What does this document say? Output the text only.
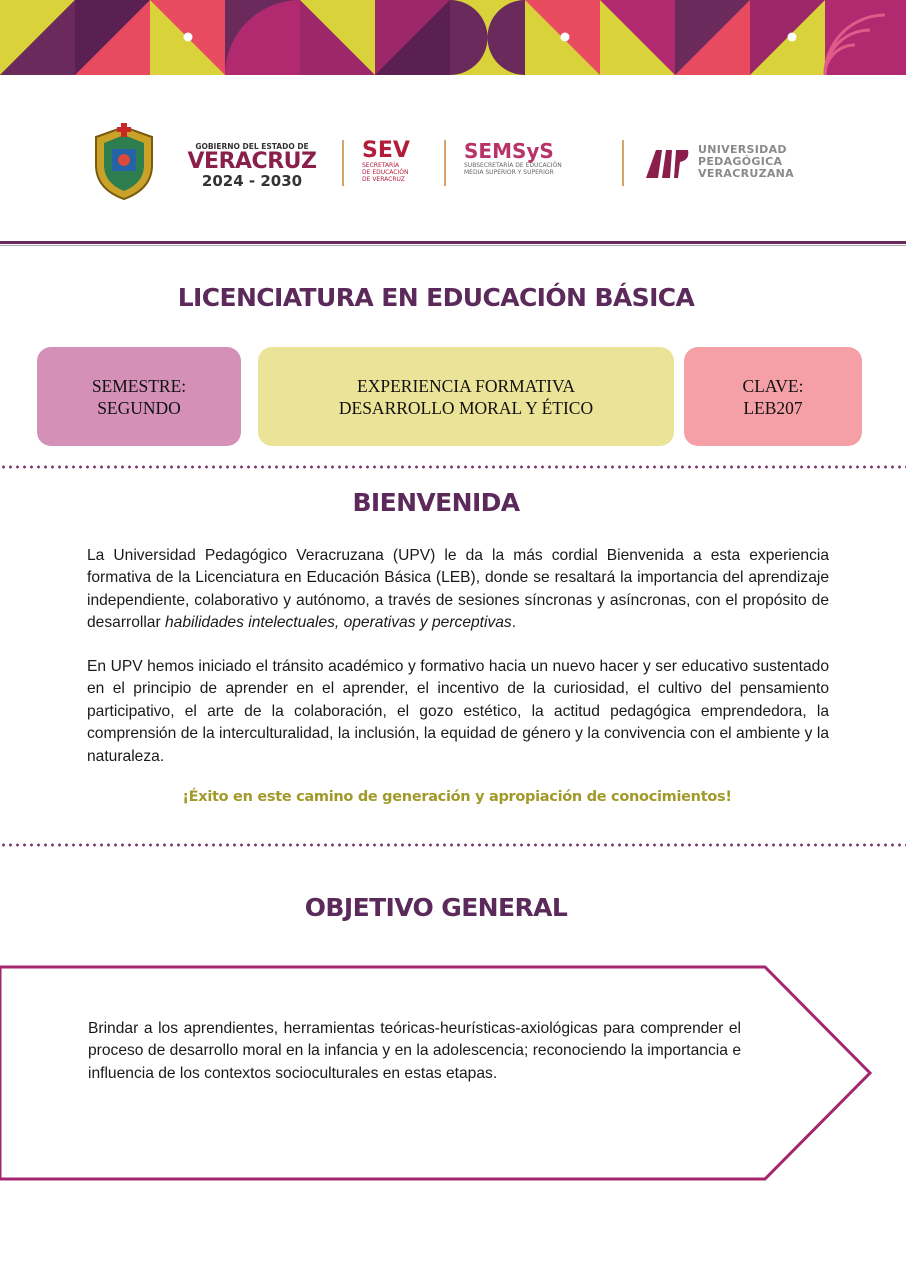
GOBIERNO DEL ESTADO DE
VERACRUZ
2024 - 2030
SEV
SECRETARÍA
DE EDUCACIÓN
DE VERACRUZ
SEMSyS
SUBSECRETARÍA DE EDUCACIÓN
MEDIA SUPERIOR Y SUPERIOR
UNIVERSIDAD
PEDAGÓGICA
VERACRUZANA
LICENCIATURA EN EDUCACIÓN BÁSICA
SEMESTRE:
SEGUNDO
EXPERIENCIA FORMATIVA
DESARROLLO MORAL Y ÉTICO
CLAVE:
LEB207
BIENVENIDA

La Universidad Pedagógico Veracruzana (UPV) le da la más cordial Bienvenida a esta experiencia formativa de la Licenciatura en Educación Básica (LEB), donde se resaltará la importancia del aprendizaje independiente, colaborativo y autónomo, a través de sesiones síncronas y asíncronas, con el propósito de desarrollar habilidades intelectuales, operativas y perceptivas.

En UPV hemos iniciado el tránsito académico y formativo hacia un nuevo hacer y ser educativo sustentado en el principio de aprender en el aprender, el incentivo de la curiosidad, el cultivo del pensamiento participativo, el arte de la colaboración, el gozo estético, la actitud pedagógica emprendedora, la comprensión de la interculturalidad, la inclusión, la equidad de género y la convivencia con el ambiente y la naturaleza.

¡Éxito en este camino de generación y apropiación de conocimientos!

OBJETIVO GENERAL

Brindar a los aprendientes, herramientas teóricas-heurísticas-axiológicas para comprender el proceso de desarrollo moral en la infancia y en la adolescencia; reconociendo la importancia e influencia de los contextos socioculturales en estas etapas.
